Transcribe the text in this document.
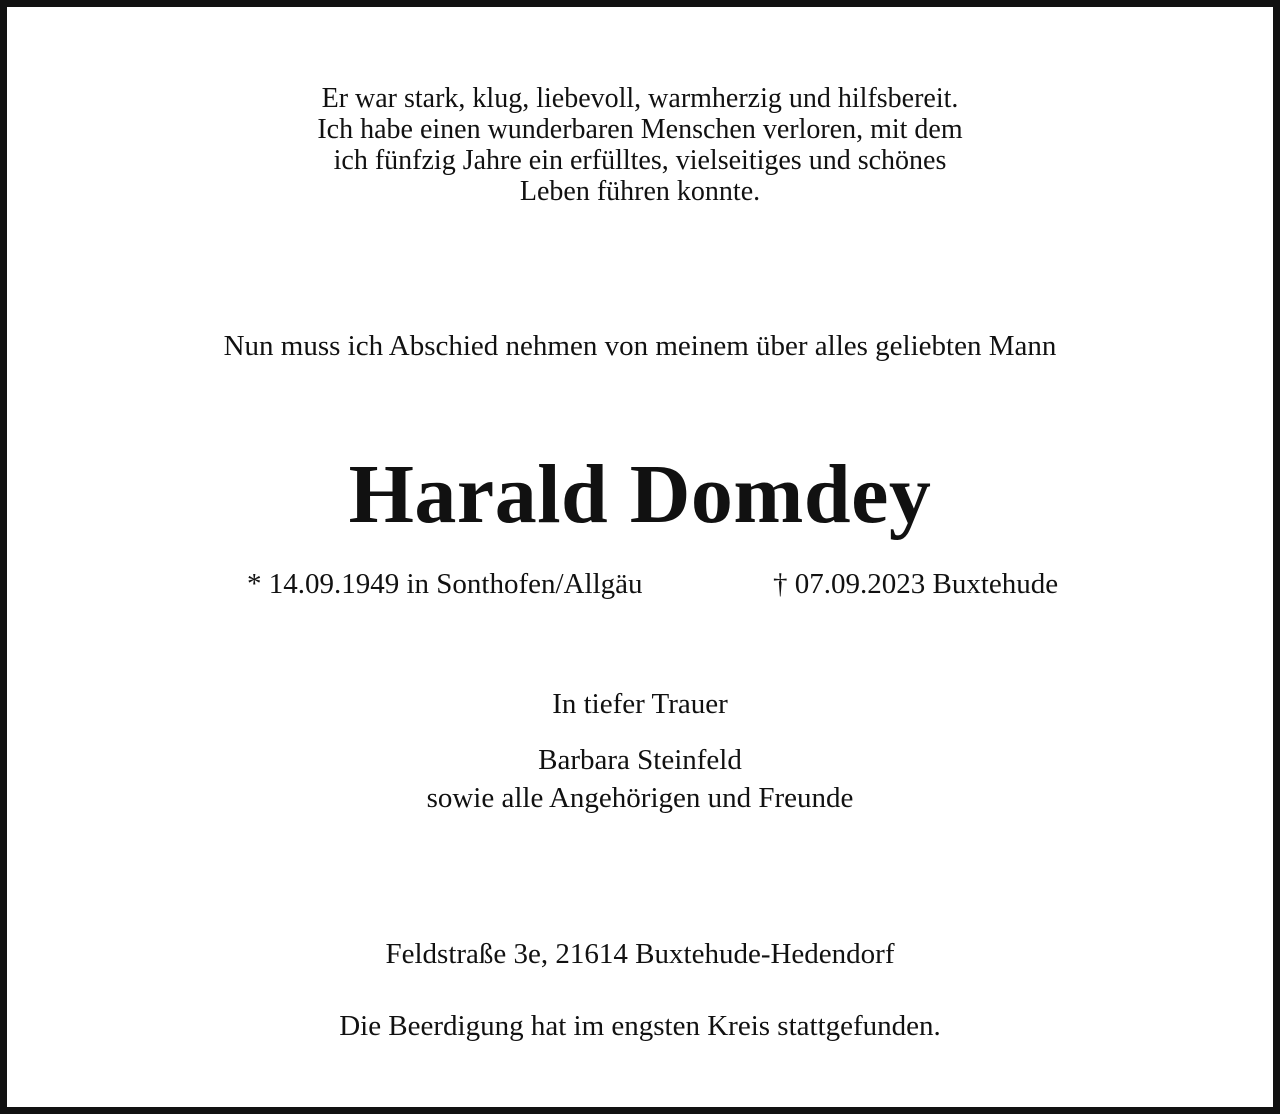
Er war stark, klug, liebevoll, warmherzig und hilfsbereit.
Ich habe einen wunderbaren Menschen verloren, mit dem
ich fünfzig Jahre ein erfülltes, vielseitiges und schönes
Leben führen konnte.
Nun muss ich Abschied nehmen von meinem über alles geliebten Mann
Harald Domdey
* 14.09.1949 in Sonthofen/Allgäu	† 07.09.2023 Buxtehude
In tiefer Trauer
Barbara Steinfeld
sowie alle Angehörigen und Freunde
Feldstraße 3e, 21614 Buxtehude-Hedendorf
Die Beerdigung hat im engsten Kreis stattgefunden.
